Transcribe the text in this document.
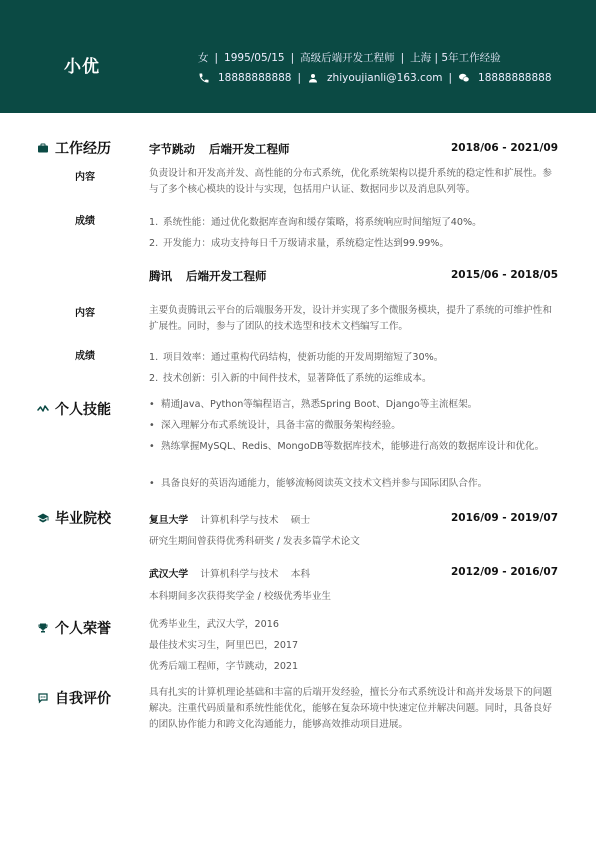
小优	女 | 1995/05/15 | 高级后端开发工程师 | 上海 | 5年工作经验
18888888888 | zhiyoujianli@163.com | 18888888888
工作经历	字节跳动 后端开发工程师	2018/06 - 2021/09
内容	负责设计和开发高并发、高性能的分布式系统，优化系统架构以提升系统的稳定性和扩展性。参与了多个核心模块的设计与实现，包括用户认证、数据同步以及消息队列等。
成绩	1. 系统性能：通过优化数据库查询和缓存策略，将系统响应时间缩短了40%。
2. 开发能力：成功支持每日千万级请求量，系统稳定性达到99.99%。
腾讯 后端开发工程师	2015/06 - 2018/05
内容	主要负责腾讯云平台的后端服务开发，设计并实现了多个微服务模块，提升了系统的可维护性和扩展性。同时，参与了团队的技术选型和技术文档编写工作。
成绩	1. 项目效率：通过重构代码结构，使新功能的开发周期缩短了30%。
2. 技术创新：引入新的中间件技术，显著降低了系统的运维成本。
个人技能
•	精通Java、Python等编程语言，熟悉Spring Boot、Django等主流框架。
• 深入理解分布式系统设计，具备丰富的微服务架构经验。
• 熟练掌握MySQL、Redis、MongoDB等数据库技术，能够进行高效的数据库设计和优化。
• 具备良好的英语沟通能力，能够流畅阅读英文技术文档并参与国际团队合作。
毕业院校	复旦大学 计算机科学与技术 硕士	2016/09 - 2019/07
研究生期间曾获得优秀科研奖 / 发表多篇学术论文
武汉大学 计算机科学与技术 本科	2012/09 - 2016/07
本科期间多次获得奖学金 / 校级优秀毕业生
个人荣誉	优秀毕业生，武汉大学，2016
最佳技术实习生，阿里巴巴，2017
优秀后端工程师，字节跳动，2021
自我评价	具有扎实的计算机理论基础和丰富的后端开发经验，擅长分布式系统设计和高并发场景下的问题解决。注重代码质量和系统性能优化，能够在复杂环境中快速定位并解决问题。同时，具备良好的团队协作能力和跨文化沟通能力，能够高效推动项目进展。
